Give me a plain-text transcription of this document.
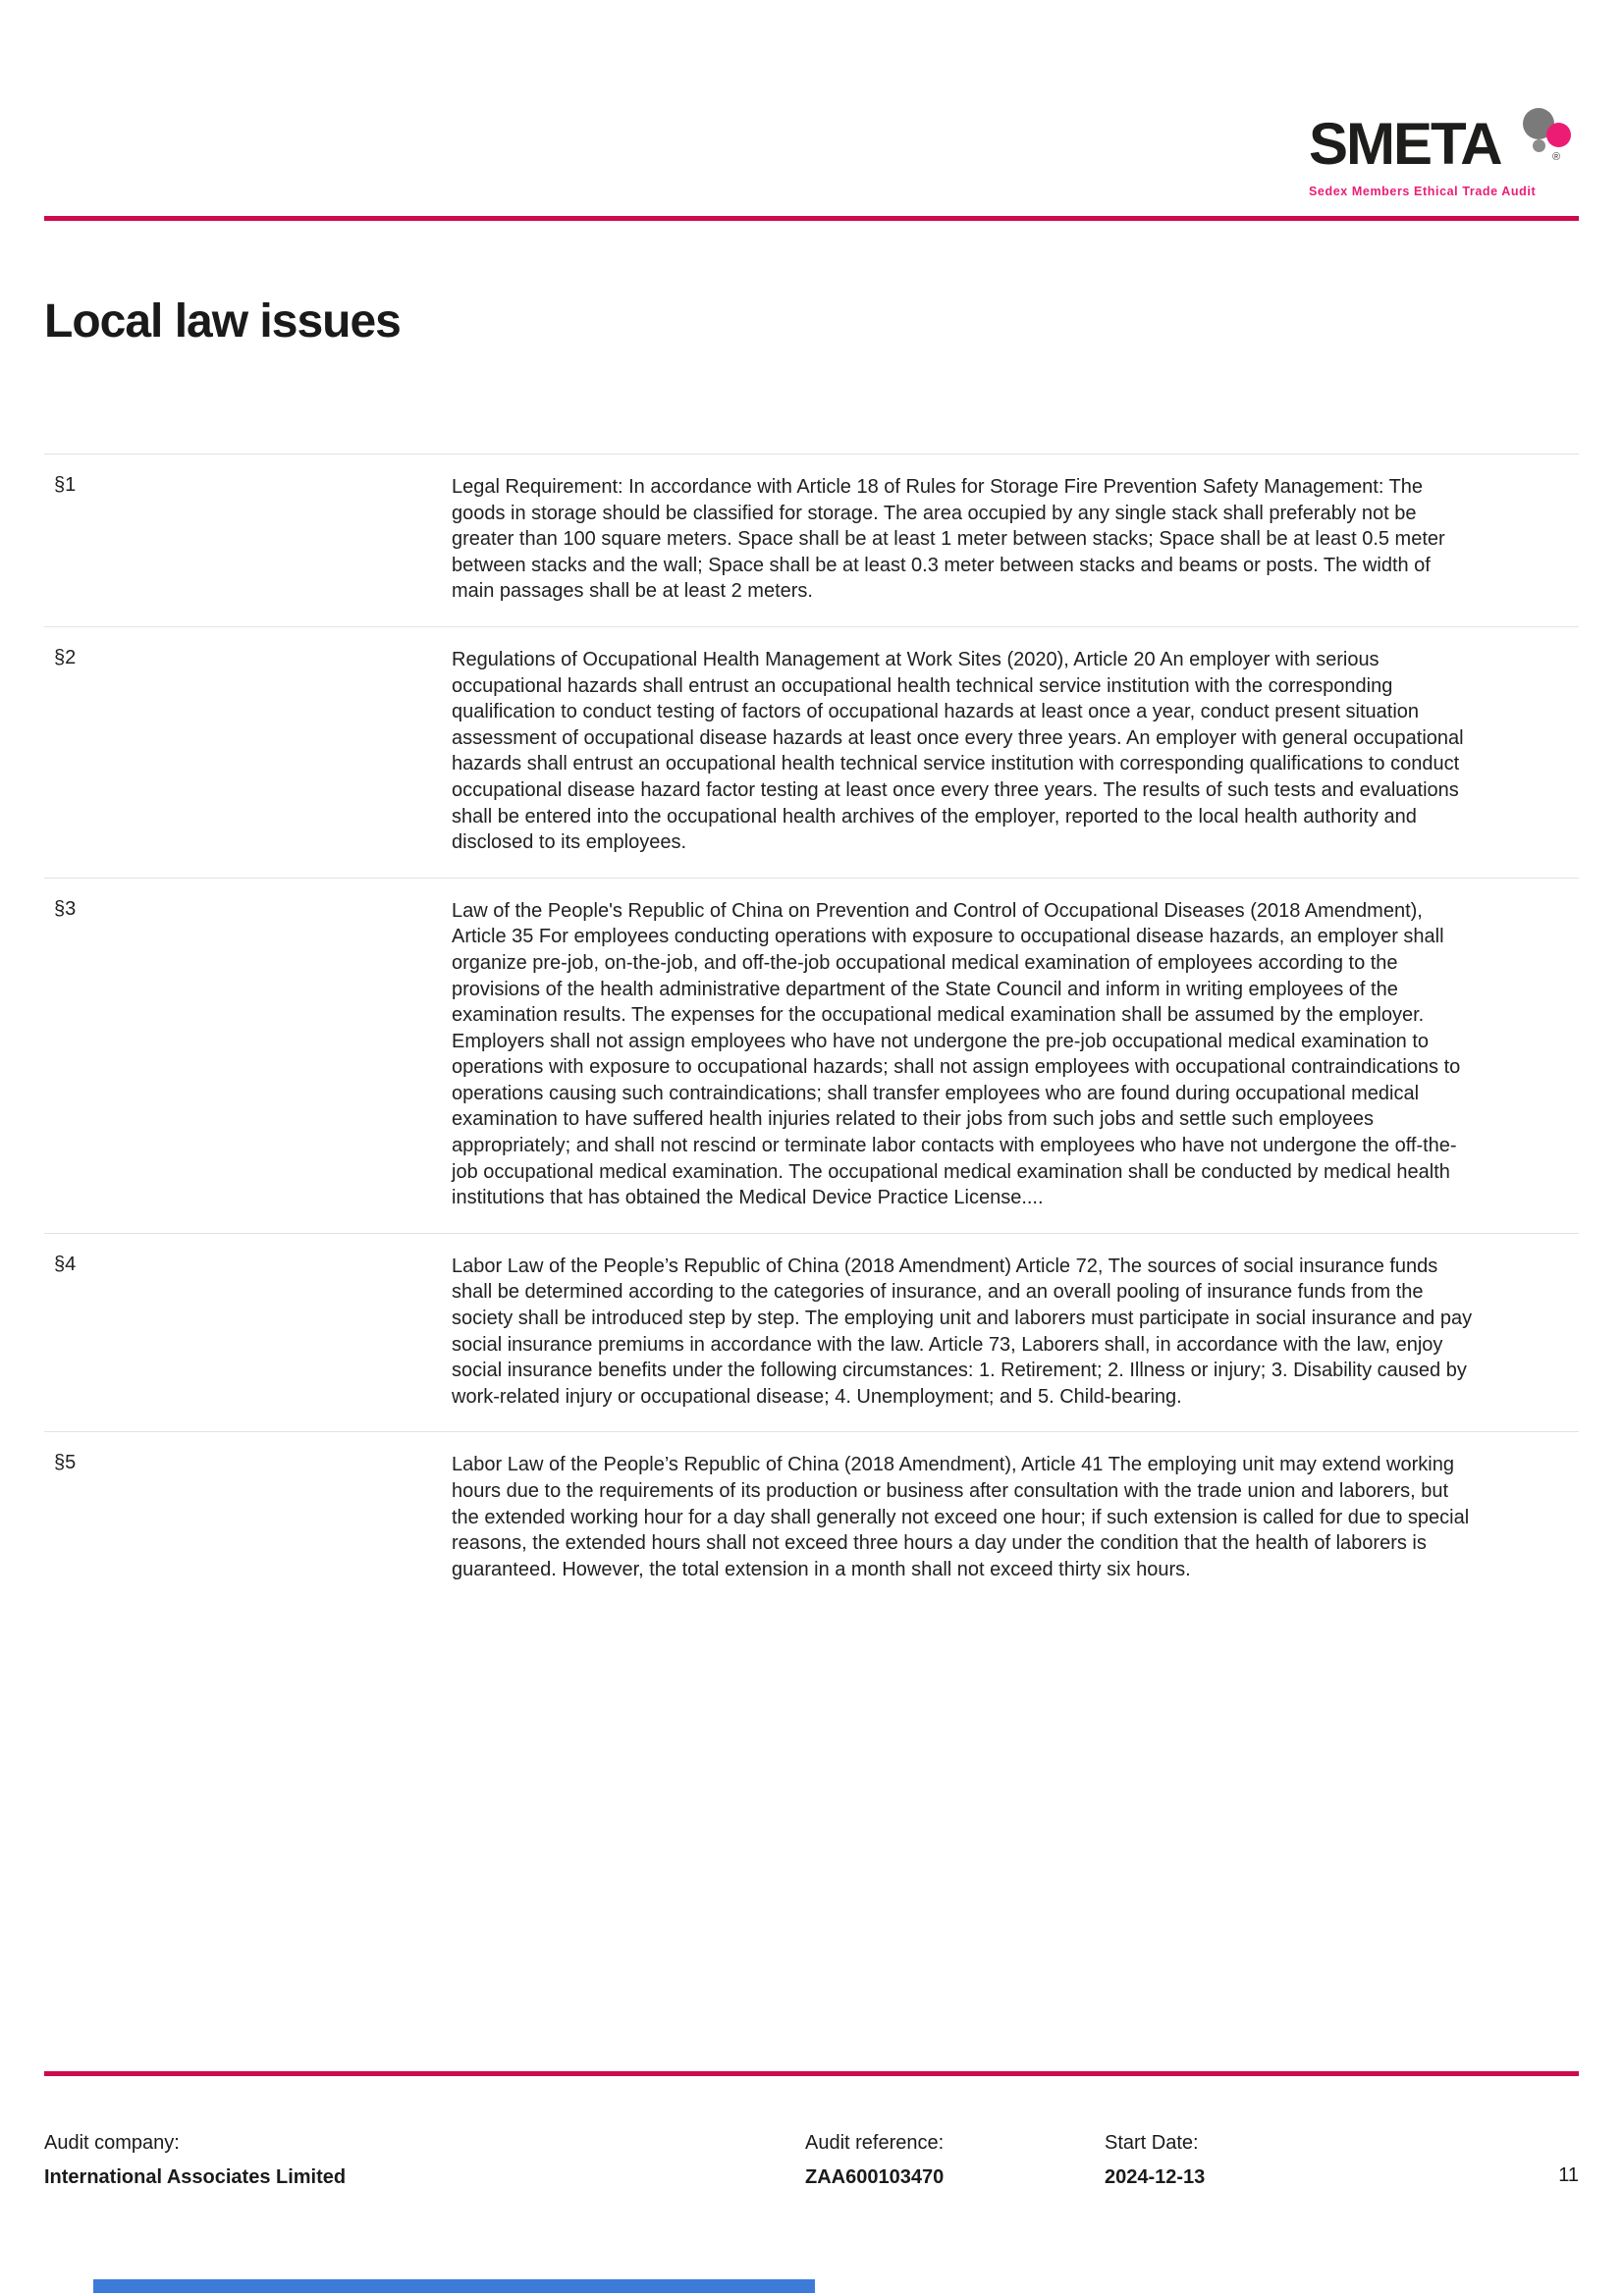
SMETA	®
Sedex Members Ethical Trade Audit
Local law issues
§1	Legal Requirement: In accordance with Article 18 of Rules for Storage Fire Prevention Safety Management: The goods in storage should be classified for storage. The area occupied by any single stack shall preferably not be greater than 100 square meters. Space shall be at least 1 meter between stacks; Space shall be at least 0.5 meter between stacks and the wall; Space shall be at least 0.3 meter between stacks and beams or posts. The width of main passages shall be at least 2 meters.
§2	Regulations of Occupational Health Management at Work Sites (2020), Article 20 An employer with serious occupational hazards shall entrust an occupational health technical service institution with the corresponding qualification to conduct testing of factors of occupational hazards at least once a year, conduct present situation assessment of occupational disease hazards at least once every three years. An employer with general occupational hazards shall entrust an occupational health technical service institution with corresponding qualifications to conduct occupational disease hazard factor testing at least once every three years. The results of such tests and evaluations shall be entered into the occupational health archives of the employer, reported to the local health authority and disclosed to its employees.
§3	Law of the People's Republic of China on Prevention and Control of Occupational Diseases (2018 Amendment), Article 35 For employees conducting operations with exposure to occupational disease hazards, an employer shall organize pre-job, on-the-job, and off-the-job occupational medical examination of employees according to the provisions of the health administrative department of the State Council and inform in writing employees of the examination results. The expenses for the occupational medical examination shall be assumed by the employer. Employers shall not assign employees who have not undergone the pre-job occupational medical examination to operations with exposure to occupational hazards; shall not assign employees with occupational contraindications to operations causing such contraindications; shall transfer employees who are found during occupational medical examination to have suffered health injuries related to their jobs from such jobs and settle such employees appropriately; and shall not rescind or terminate labor contacts with employees who have not undergone the off-the-job occupational medical examination. The occupational medical examination shall be conducted by medical health institutions that has obtained the Medical Device Practice License....
§4	Labor Law of the People’s Republic of China (2018 Amendment) Article 72, The sources of social insurance funds shall be determined according to the categories of insurance, and an overall pooling of insurance funds from the society shall be introduced step by step. The employing unit and laborers must participate in social insurance and pay social insurance premiums in accordance with the law. Article 73, Laborers shall, in accordance with the law, enjoy social insurance benefits under the following circumstances: 1. Retirement; 2. Illness or injury; 3. Disability caused by work-related injury or occupational disease; 4. Unemployment; and 5. Child-bearing.
§5	Labor Law of the People’s Republic of China (2018 Amendment), Article 41 The employing unit may extend working hours due to the requirements of its production or business after consultation with the trade union and laborers, but the extended working hour for a day shall generally not exceed one hour; if such extension is called for due to special reasons, the extended hours shall not exceed three hours a day under the condition that the health of laborers is guaranteed. However, the total extension in a month shall not exceed thirty six hours.
Audit company:
International Associates Limited
Audit reference:
ZAA600103470
Start Date:
2024-12-13	11
